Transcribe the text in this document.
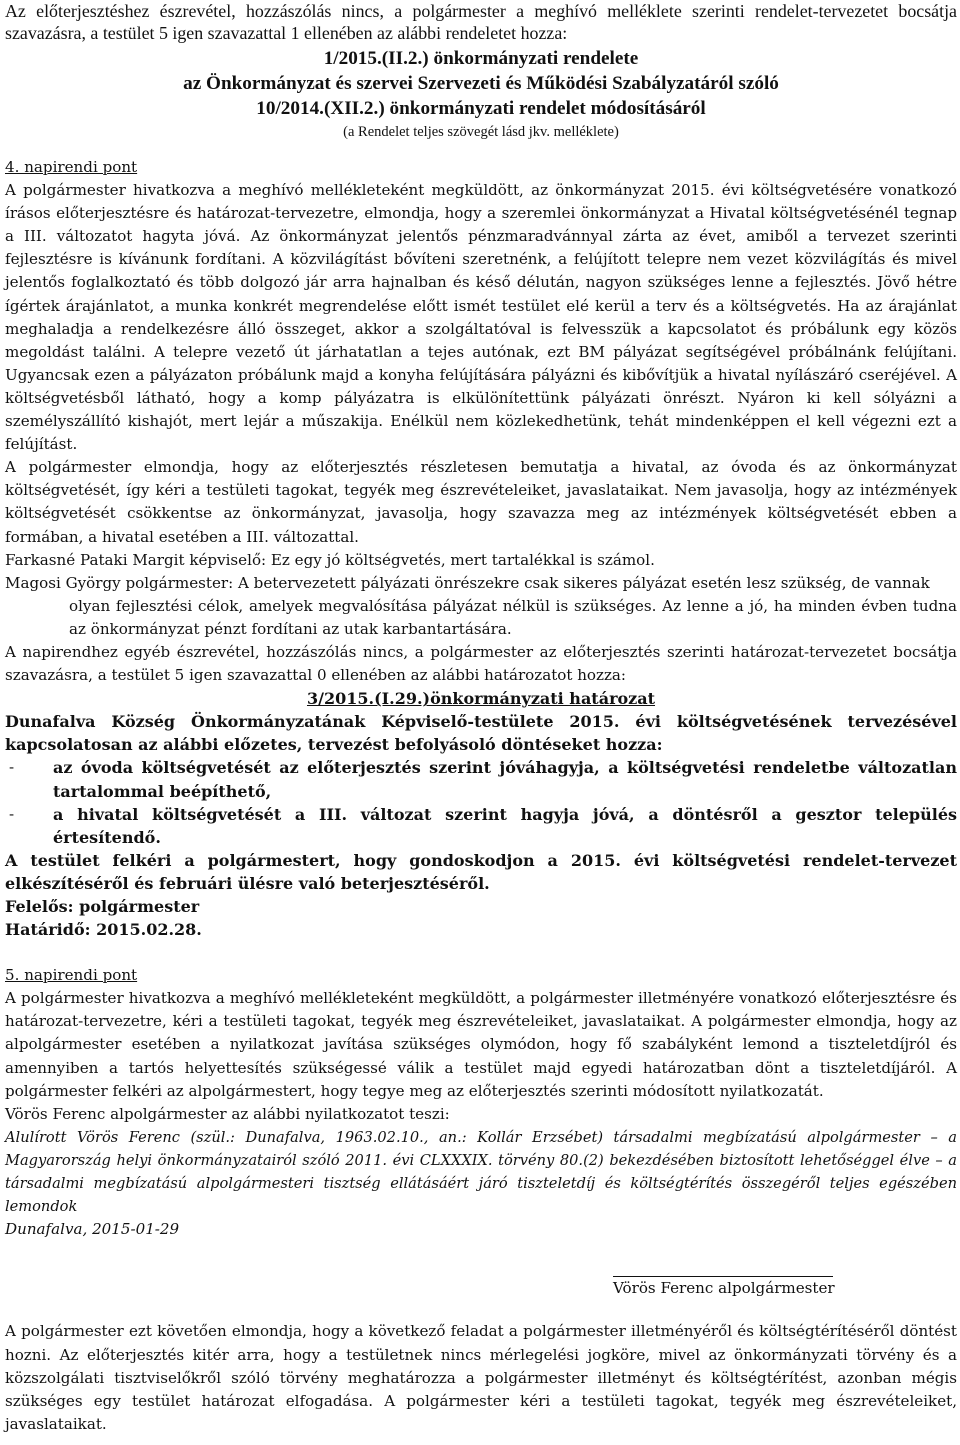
Az előterjesztéshez észrevétel, hozzászólás nincs, a polgármester a meghívó melléklete szerinti rendelet-tervezetet bocsátja szavazásra, a testület 5 igen szavazattal 1 ellenében az alábbi rendeletet hozza:

1/2015.(II.2.) önkormányzati rendelete

az Önkormányzat és szervei Szervezeti és Működési Szabályzatáról szóló

10/2014.(XII.2.) önkormányzati rendelet módosításáról

(a Rendelet teljes szövegét lásd jkv. melléklete)

4. napirendi pont

A polgármester hivatkozva a meghívó mellékleteként megküldött, az önkormányzat 2015. évi költségvetésére vonatkozó írásos előterjesztésre és határozat-tervezetre, elmondja, hogy a szeremlei önkormányzat a Hivatal költségvetésénél tegnap a III. változatot hagyta jóvá. Az önkormányzat jelentős pénzmaradvánnyal zárta az évet, amiből a tervezet szerinti fejlesztésre is kívánunk fordítani. A közvilágítást bővíteni szeretnénk, a felújított telepre nem vezet közvilágítás és mivel jelentős foglalkoztató és több dolgozó jár arra hajnalban és késő délután, nagyon szükséges lenne a fejlesztés. Jövő hétre ígértek árajánlatot, a munka konkrét megrendelése előtt ismét testület elé kerül a terv és a költségvetés. Ha az árajánlat meghaladja a rendelkezésre álló összeget, akkor a szolgáltatóval is felvesszük a kapcsolatot és próbálunk egy közös megoldást találni. A telepre vezető út járhatatlan a tejes autónak, ezt BM pályázat segítségével próbálnánk felújítani. Ugyancsak ezen a pályázaton próbálunk majd a konyha felújítására pályázni és kibővítjük a hivatal nyílászáró cseréjével. A költségvetésből látható, hogy a komp pályázatra is elkülönítettünk pályázati önrészt. Nyáron ki kell sólyázni a személyszállító kishajót, mert lejár a műszakija. Enélkül nem közlekedhetünk, tehát mindenképpen el kell végezni ezt a felújítást.

A polgármester elmondja, hogy az előterjesztés részletesen bemutatja a hivatal, az óvoda és az önkormányzat költségvetését, így kéri a testületi tagokat, tegyék meg észrevételeiket, javaslataikat. Nem javasolja, hogy az intézmények költségvetését csökkentse az önkormányzat, javasolja, hogy szavazza meg az intézmények költségvetését ebben a formában, a hivatal esetében a III. változattal.

Farkasné Pataki Margit képviselő: Ez egy jó költségvetés, mert tartalékkal is számol.

Magosi György polgármester: A betervezetett pályázati önrészekre csak sikeres pályázat esetén lesz szükség, de vannak

olyan fejlesztési célok, amelyek megvalósítása pályázat nélkül is szükséges. Az lenne a jó, ha minden évben tudna az önkormányzat pénzt fordítani az utak karbantartására.

A napirendhez egyéb észrevétel, hozzászólás nincs, a polgármester az előterjesztés szerinti határozat-tervezetet bocsátja szavazásra, a testület 5 igen szavazattal 0 ellenében az alábbi határozatot hozza:

3/2015.(I.29.)önkormányzati határozat

Dunafalva Község Önkormányzatának Képviselő-testülete 2015. évi költségvetésének tervezésével kapcsolatosan az alábbi előzetes, tervezést befolyásoló döntéseket hozza:

-	az óvoda költségvetését az előterjesztés szerint jóváhagyja, a költségvetési rendeletbe változatlan tartalommal beépíthető,

-	a hivatal költségvetését a III. változat szerint hagyja jóvá, a döntésről a gesztor település értesítendő.

A testület felkéri a polgármestert, hogy gondoskodjon a 2015. évi költségvetési rendelet-tervezet elkészítéséről és februári ülésre való beterjesztéséről.

Felelős: polgármester

Határidő: 2015.02.28.

5. napirendi pont

A polgármester hivatkozva a meghívó mellékleteként megküldött, a polgármester illetményére vonatkozó előterjesztésre és határozat-tervezetre, kéri a testületi tagokat, tegyék meg észrevételeiket, javaslataikat. A polgármester elmondja, hogy az alpolgármester esetében a nyilatkozat javítása szükséges olymódon, hogy fő szabályként lemond a tiszteletdíjról és amennyiben a tartós helyettesítés szükségessé válik a testület majd egyedi határozatban dönt a tiszteletdíjáról. A polgármester felkéri az alpolgármestert, hogy tegye meg az előterjesztés szerinti módosított nyilatkozatát.

Vörös Ferenc alpolgármester az alábbi nyilatkozatot teszi:

Alulírott Vörös Ferenc (szül.: Dunafalva, 1963.02.10., an.: Kollár Erzsébet) társadalmi megbízatású alpolgármester – a Magyarország helyi önkormányzatairól szóló 2011. évi CLXXXIX. törvény 80.(2) bekezdésében biztosított lehetőséggel élve – a társadalmi megbízatású alpolgármesteri tisztség ellátásáért járó tiszteletdíj és költségtérítés összegéről teljes egészében lemondok

Dunafalva, 2015-01-29

Vörös Ferenc alpolgármester

A polgármester ezt követően elmondja, hogy a következő feladat a polgármester illetményéről és költségtérítéséről döntést hozni. Az előterjesztés kitér arra, hogy a testületnek nincs mérlegelési jogköre, mivel az önkormányzati törvény és a közszolgálati tisztviselőkről szóló törvény meghatározza a polgármester illetményt és költségtérítést, azonban mégis szükséges egy testület határozat elfogadása. A polgármester kéri a testületi tagokat, tegyék meg észrevételeiket, javaslataikat.
